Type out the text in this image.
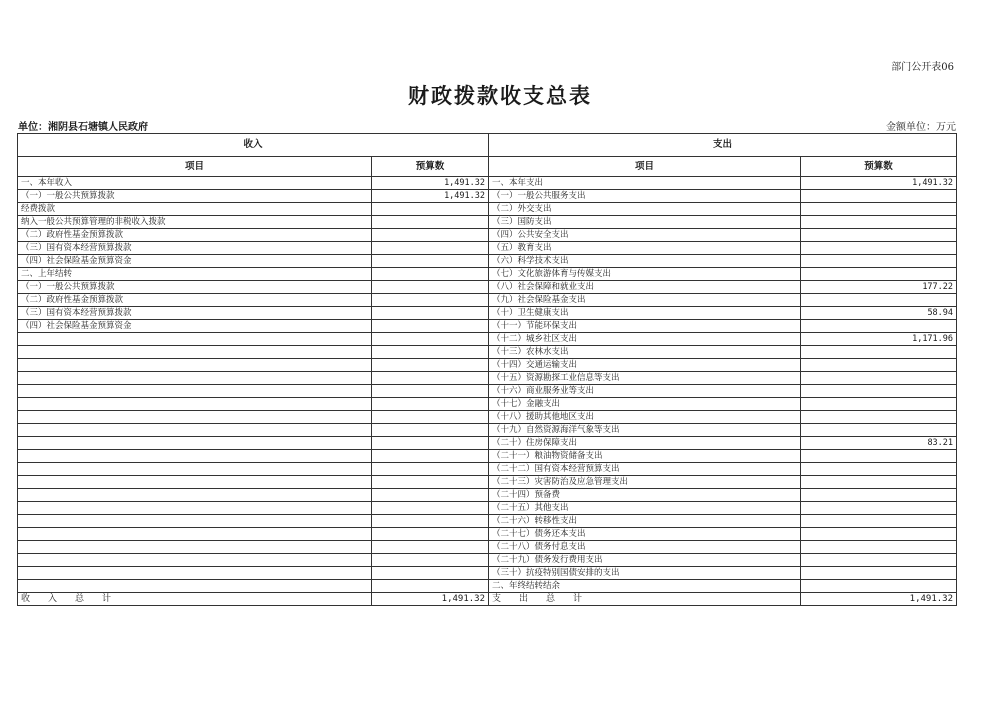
部门公开表06
财政拨款收支总表
单位：湘阴县石塘镇人民政府	金额单位：万元
收入		支出	
项目	预算数	项目	预算数
一、本年收入	1,491.32	一、本年支出	1,491.32
（一）一般公共预算拨款	1,491.32	（一）一般公共服务支出	
经费拨款		（二）外交支出	
纳入一般公共预算管理的非税收入拨款		（三）国防支出	
（二）政府性基金预算拨款		（四）公共安全支出	
（三）国有资本经营预算拨款		（五）教育支出	
（四）社会保险基金预算资金		（六）科学技术支出	
二、上年结转		（七）文化旅游体育与传媒支出	
（一）一般公共预算拨款		（八）社会保障和就业支出	177.22
（二）政府性基金预算拨款		（九）社会保险基金支出	
（三）国有资本经营预算拨款		（十）卫生健康支出	58.94
（四）社会保险基金预算资金		（十一）节能环保支出	
		（十二）城乡社区支出	1,171.96
		（十三）农林水支出	
		（十四）交通运输支出	
		（十五）资源勘探工业信息等支出	
		（十六）商业服务业等支出	
		（十七）金融支出	
		（十八）援助其他地区支出	
		（十九）自然资源海洋气象等支出	
		（二十）住房保障支出	83.21
		（二十一）粮油物资储备支出	
		（二十二）国有资本经营预算支出	
		（二十三）灾害防治及应急管理支出	
		（二十四）预备费	
		（二十五）其他支出	
		（二十六）转移性支出	
		（二十七）债务还本支出	
		（二十八）债务付息支出	
		（二十九）债务发行费用支出	
		（三十）抗疫特别国债安排的支出	
		二、年终结转结余	
收　　入　　总　　计	1,491.32	支　　出　　总　　计	1,491.32
